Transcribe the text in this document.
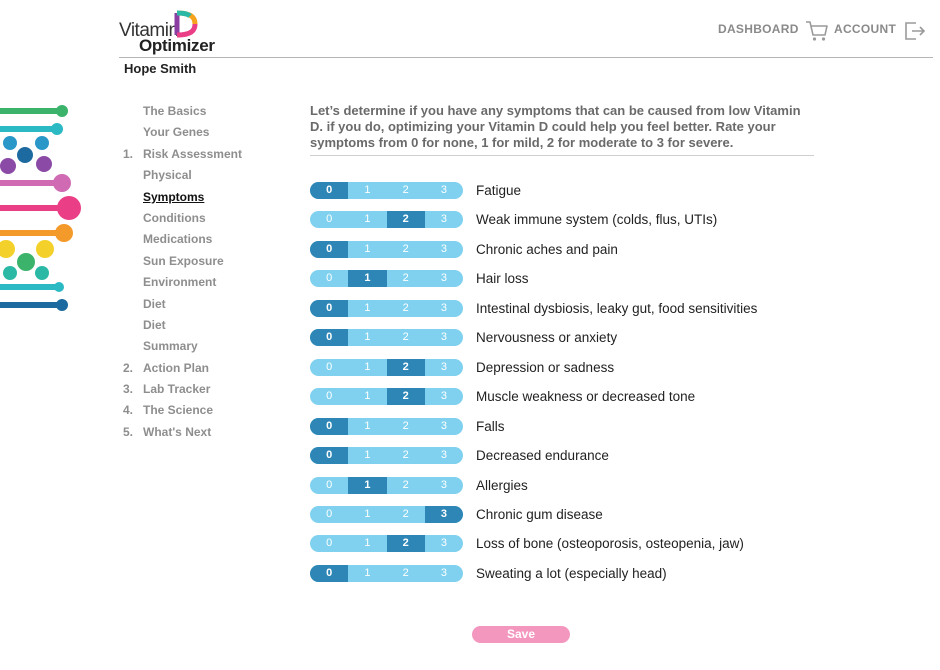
Vitamin
Optimizer
DASHBOARD	ACCOUNT
Hope Smith
The Basics
Your Genes
1. Risk Assessment
Physical
Symptoms
Conditions
Medications
Sun Exposure
Environment
Diet
Diet
Summary
2. Action Plan
3. Lab Tracker
4. The Science
5. What's Next
Let’s determine if you have any symptoms that can be caused from low Vitamin D. if you do, optimizing your Vitamin D could help you feel better. Rate your symptoms from 0 for none, 1 for mild, 2 for moderate to 3 for severe.
0	1	2	3	Fatigue
0	1	2	3	Weak immune system (colds, flus, UTIs)
0	1	2	3	Chronic aches and pain
0	1	2	3	Hair loss
0	1	2	3	Intestinal dysbiosis, leaky gut, food sensitivities
0	1	2	3	Nervousness or anxiety
0	1	2	3	Depression or sadness
0	1	2	3	Muscle weakness or decreased tone
0	1	2	3	Falls
0	1	2	3	Decreased endurance
0	1	2	3	Allergies
0	1	2	3	Chronic gum disease
0	1	2	3	Loss of bone (osteoporosis, osteopenia, jaw)
0	1	2	3	Sweating a lot (especially head)
Save
